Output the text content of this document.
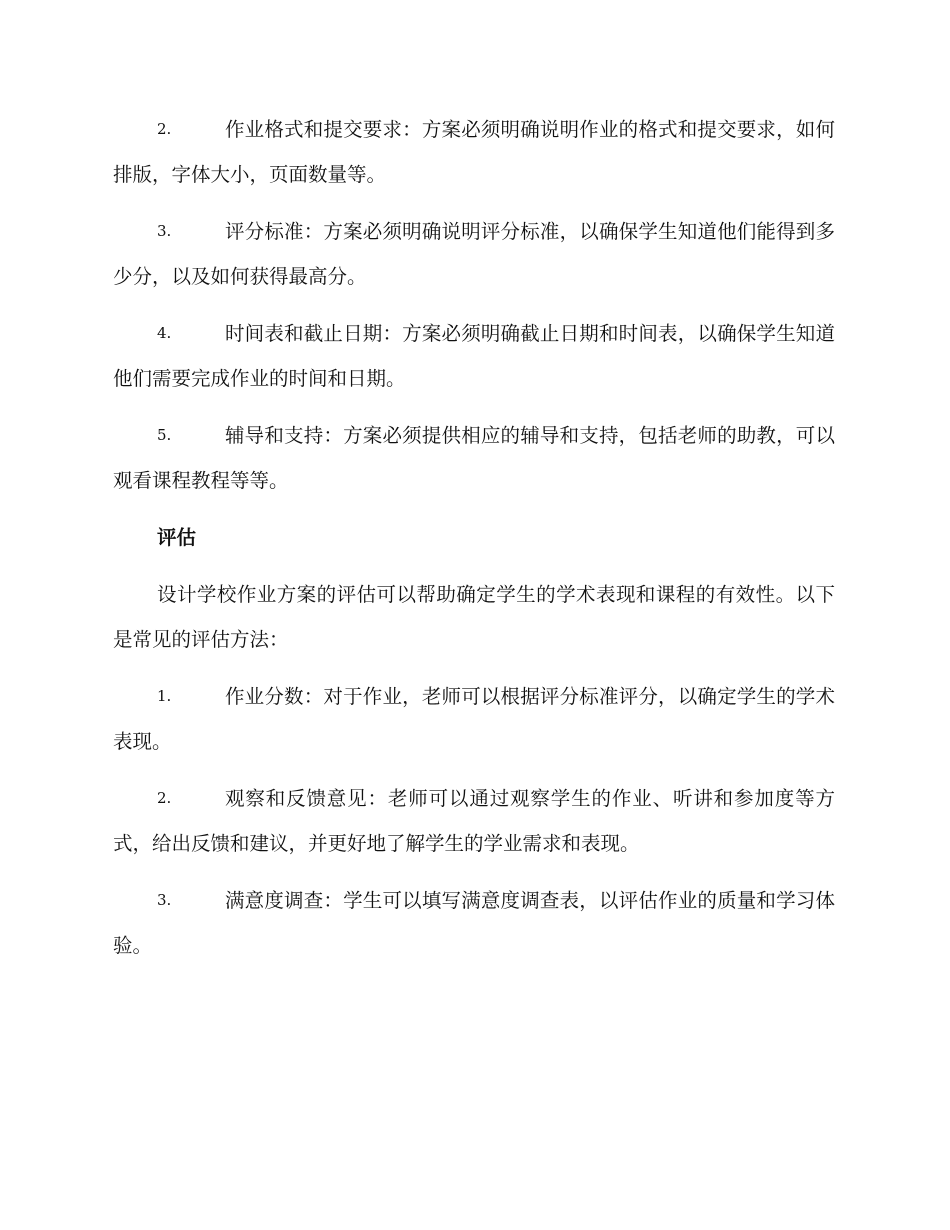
2.	作业格式和提交要求：方案必须明确说明作业的格式和提交要求，如何排版，字体大小，页面数量等。

3.	评分标准：方案必须明确说明评分标准，以确保学生知道他们能得到多少分，以及如何获得最高分。

4.	时间表和截止日期：方案必须明确截止日期和时间表，以确保学生知道他们需要完成作业的时间和日期。

5.	辅导和支持：方案必须提供相应的辅导和支持，包括老师的助教，可以观看课程教程等等。

评估

设计学校作业方案的评估可以帮助确定学生的学术表现和课程的有效性。以下是常见的评估方法：

1.	作业分数：对于作业，老师可以根据评分标准评分，以确定学生的学术表现。

2.	观察和反馈意见：老师可以通过观察学生的作业、听讲和参加度等方式，给出反馈和建议，并更好地了解学生的学业需求和表现。

3.	满意度调查：学生可以填写满意度调查表，以评估作业的质量和学习体验。
